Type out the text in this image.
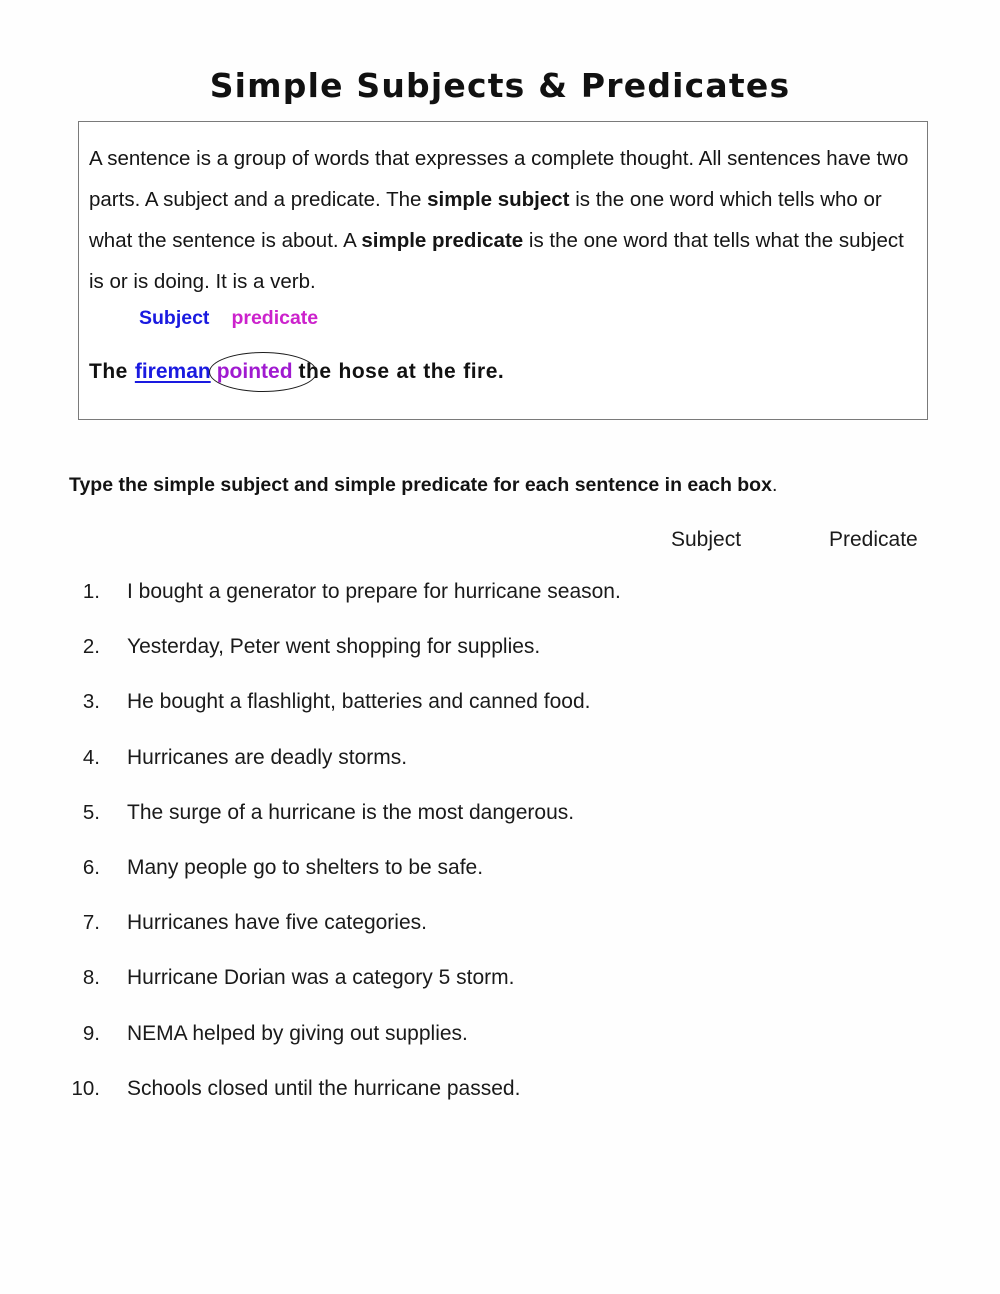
Simple Subjects & Predicates
A sentence is a group of words that expresses a complete thought. All sentences have two parts. A subject and a predicate. The simple subject is the one word which tells who or what the sentence is about. A simple predicate is the one word that tells what the subject is or is doing. It is a verb.
Subject predicate
The fireman pointed the hose at the fire.
Type the simple subject and simple predicate for each sentence in each box.
Subject	Predicate
1. I bought a generator to prepare for hurricane season.
2. Yesterday, Peter went shopping for supplies.
3. He bought a flashlight, batteries and canned food.
4. Hurricanes are deadly storms.
5. The surge of a hurricane is the most dangerous.
6. Many people go to shelters to be safe.
7. Hurricanes have five categories.
8. Hurricane Dorian was a category 5 storm.
9. NEMA helped by giving out supplies.
10. Schools closed until the hurricane passed.
